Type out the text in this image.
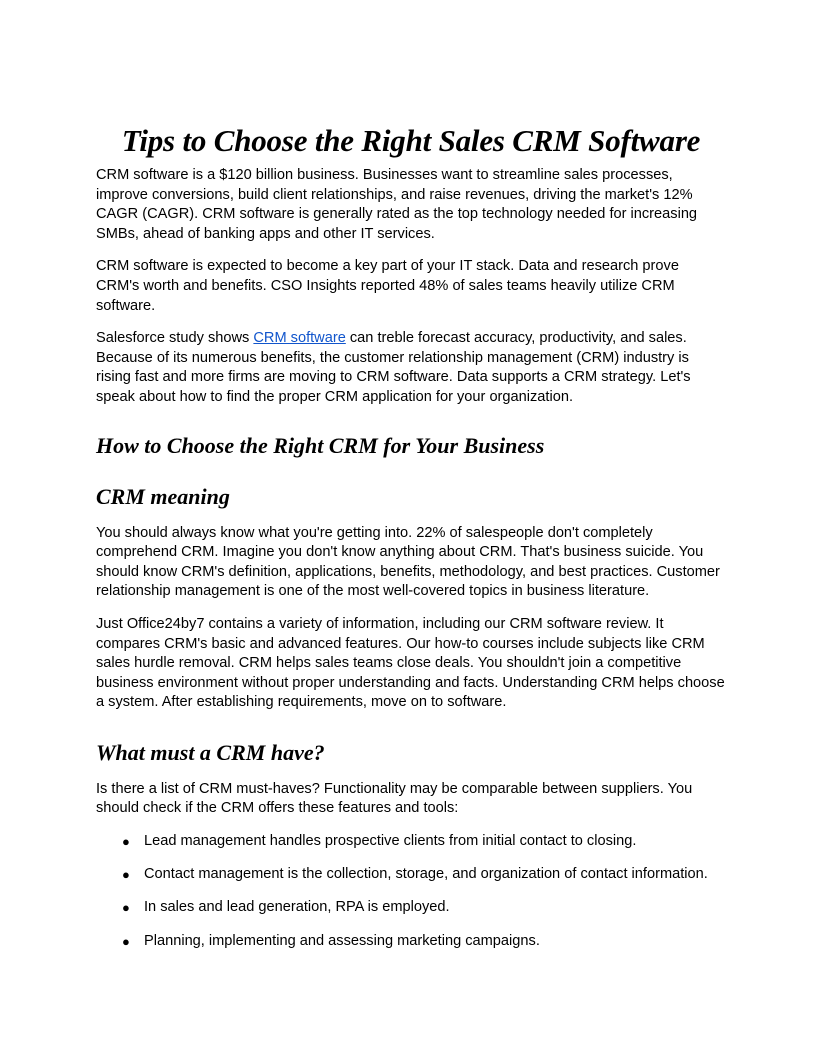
Tips to Choose the Right Sales CRM Software

CRM software is a $120 billion business. Businesses want to streamline sales processes, improve conversions, build client relationships, and raise revenues, driving the market's 12% CAGR (CAGR). CRM software is generally rated as the top technology needed for increasing SMBs, ahead of banking apps and other IT services.

CRM software is expected to become a key part of your IT stack. Data and research prove CRM's worth and benefits. CSO Insights reported 48% of sales teams heavily utilize CRM software.

Salesforce study shows CRM software can treble forecast accuracy, productivity, and sales. Because of its numerous benefits, the customer relationship management (CRM) industry is rising fast and more firms are moving to CRM software. Data supports a CRM strategy. Let's speak about how to find the proper CRM application for your organization.

How to Choose the Right CRM for Your Business
CRM meaning

You should always know what you're getting into. 22% of salespeople don't completely comprehend CRM. Imagine you don't know anything about CRM. That's business suicide. You should know CRM's definition, applications, benefits, methodology, and best practices. Customer relationship management is one of the most well-covered topics in business literature.

Just Office24by7 contains a variety of information, including our CRM software review. It compares CRM's basic and advanced features. Our how-to courses include subjects like CRM sales hurdle removal. CRM helps sales teams close deals. You shouldn't join a competitive business environment without proper understanding and facts. Understanding CRM helps choose a system. After establishing requirements, move on to software.

What must a CRM have?

Is there a list of CRM must-haves? Functionality may be comparable between suppliers. You should check if the CRM offers these features and tools:

● Lead management handles prospective clients from initial contact to closing.
● Contact management is the collection, storage, and organization of contact information.
● In sales and lead generation, RPA is employed.
● Planning, implementing and assessing marketing campaigns.
